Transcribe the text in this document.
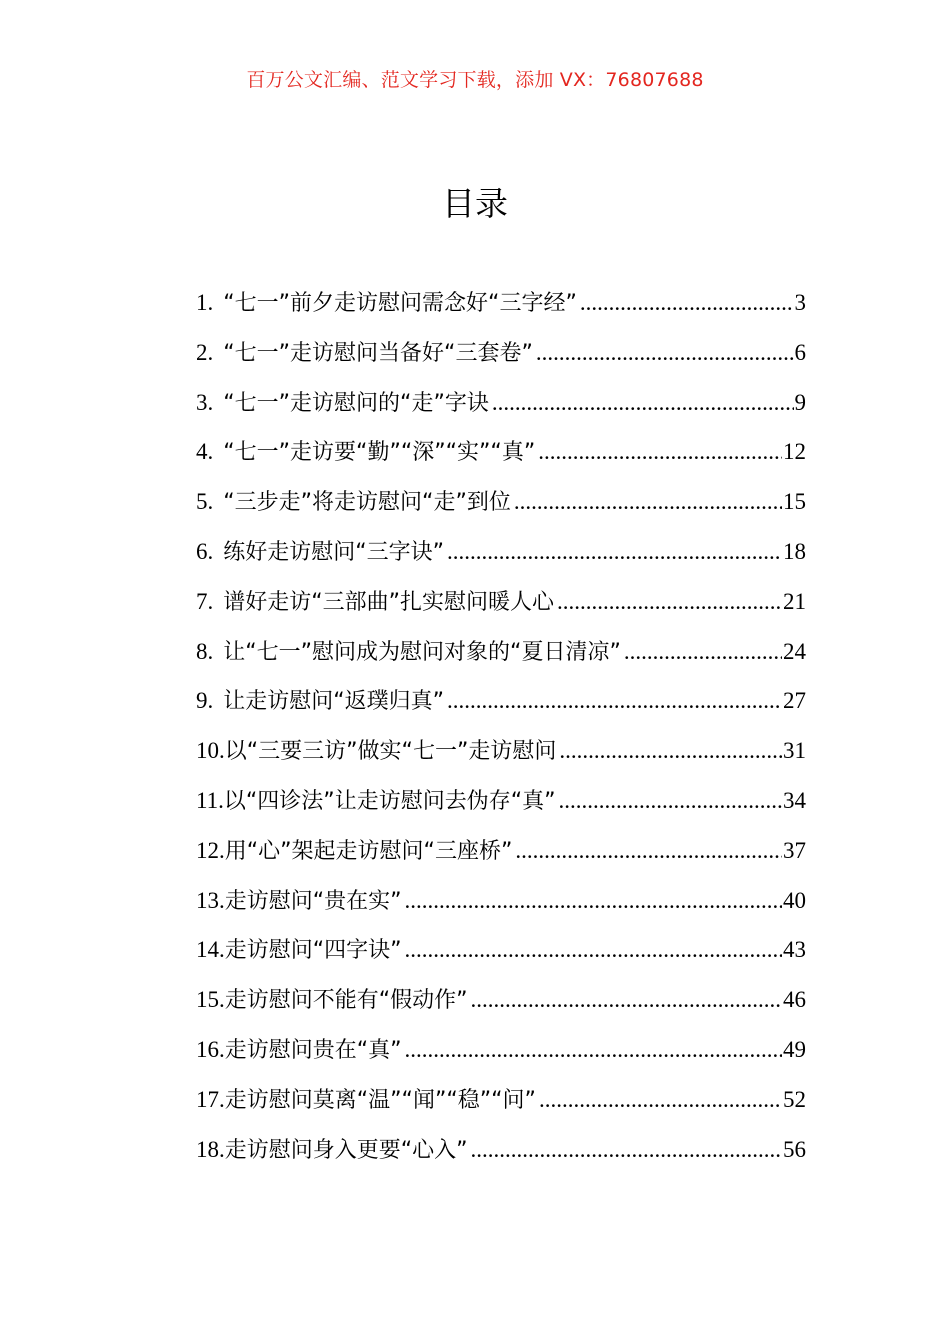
百万公文汇编、范文学习下载，添加 VX：76807688
目录
1. “七一”前夕走访慰问需念好“三字经” .....	3
2. “七一”走访慰问当备好“三套卷” .....	6
3. “七一”走访慰问的“走”字诀 .....	9
4. “七一”走访要“勤”“深”“实”“真” .....	12
5. “三步走”将走访慰问“走”到位 .....	15
6. 练好走访慰问“三字诀” .....	18
7. 谱好走访“三部曲”扎实慰问暖人心 .....	21
8. 让“七一”慰问成为慰问对象的“夏日清凉” .....	24
9. 让走访慰问“返璞归真” .....	27
10. 以“三要三访”做实“七一”走访慰问 .....	31
11. 以“四诊法”让走访慰问去伪存“真” .....	34
12. 用“心”架起走访慰问“三座桥” .....	37
13. 走访慰问“贵在实” .....	40
14. 走访慰问“四字诀” .....	43
15. 走访慰问不能有“假动作” .....	46
16. 走访慰问贵在“真” .....	49
17. 走访慰问莫离“温”“闻”“稳”“问” .....	52
18. 走访慰问身入更要“心入” .....	56
